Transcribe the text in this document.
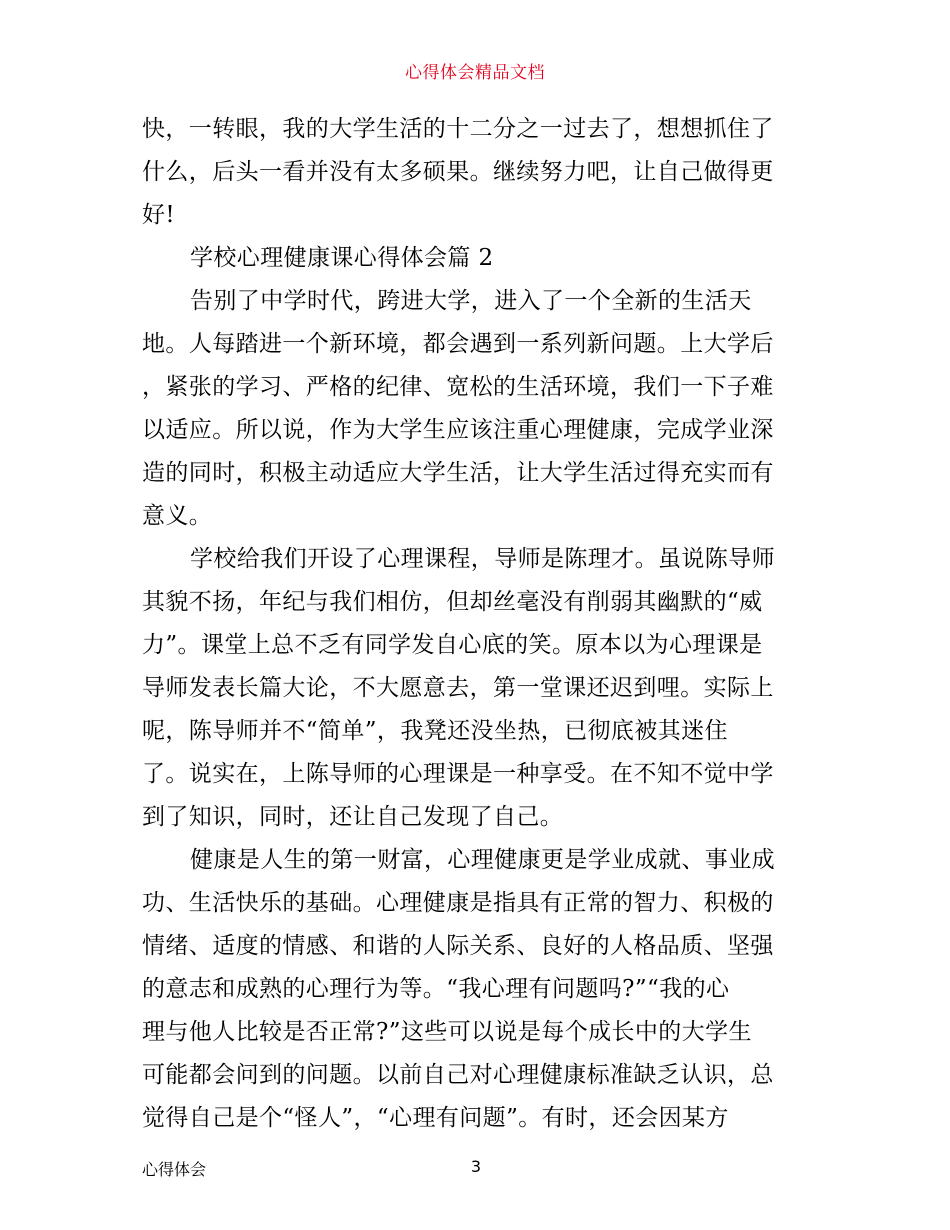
心得体会精品文档
快，一转眼，我的大学生活的十二分之一过去了，想想抓住了
什么，后头一看并没有太多硕果。继续努力吧，让自己做得更
好!
学校心理健康课心得体会篇 2
告别了中学时代，跨进大学，进入了一个全新的生活天
地。人每踏进一个新环境，都会遇到一系列新问题。上大学后
，紧张的学习、严格的纪律、宽松的生活环境，我们一下子难
以适应。所以说，作为大学生应该注重心理健康，完成学业深
造的同时，积极主动适应大学生活，让大学生活过得充实而有
意义。
学校给我们开设了心理课程，导师是陈理才。虽说陈导师
其貌不扬，年纪与我们相仿，但却丝毫没有削弱其幽默的“威
力”。课堂上总不乏有同学发自心底的笑。原本以为心理课是
导师发表长篇大论，不大愿意去，第一堂课还迟到哩。实际上
呢，陈导师并不“简单”，我凳还没坐热，已彻底被其迷住
了。说实在，上陈导师的心理课是一种享受。在不知不觉中学
到了知识，同时，还让自己发现了自己。
健康是人生的第一财富，心理健康更是学业成就、事业成
功、生活快乐的基础。心理健康是指具有正常的智力、积极的
情绪、适度的情感、和谐的人际关系、良好的人格品质、坚强
的意志和成熟的心理行为等。“我心理有问题吗?”“我的心
理与他人比较是否正常?”这些可以说是每个成长中的大学生
可能都会问到的问题。以前自己对心理健康标准缺乏认识，总
觉得自己是个“怪人”，“心理有问题”。有时，还会因某方
心得体会	3
